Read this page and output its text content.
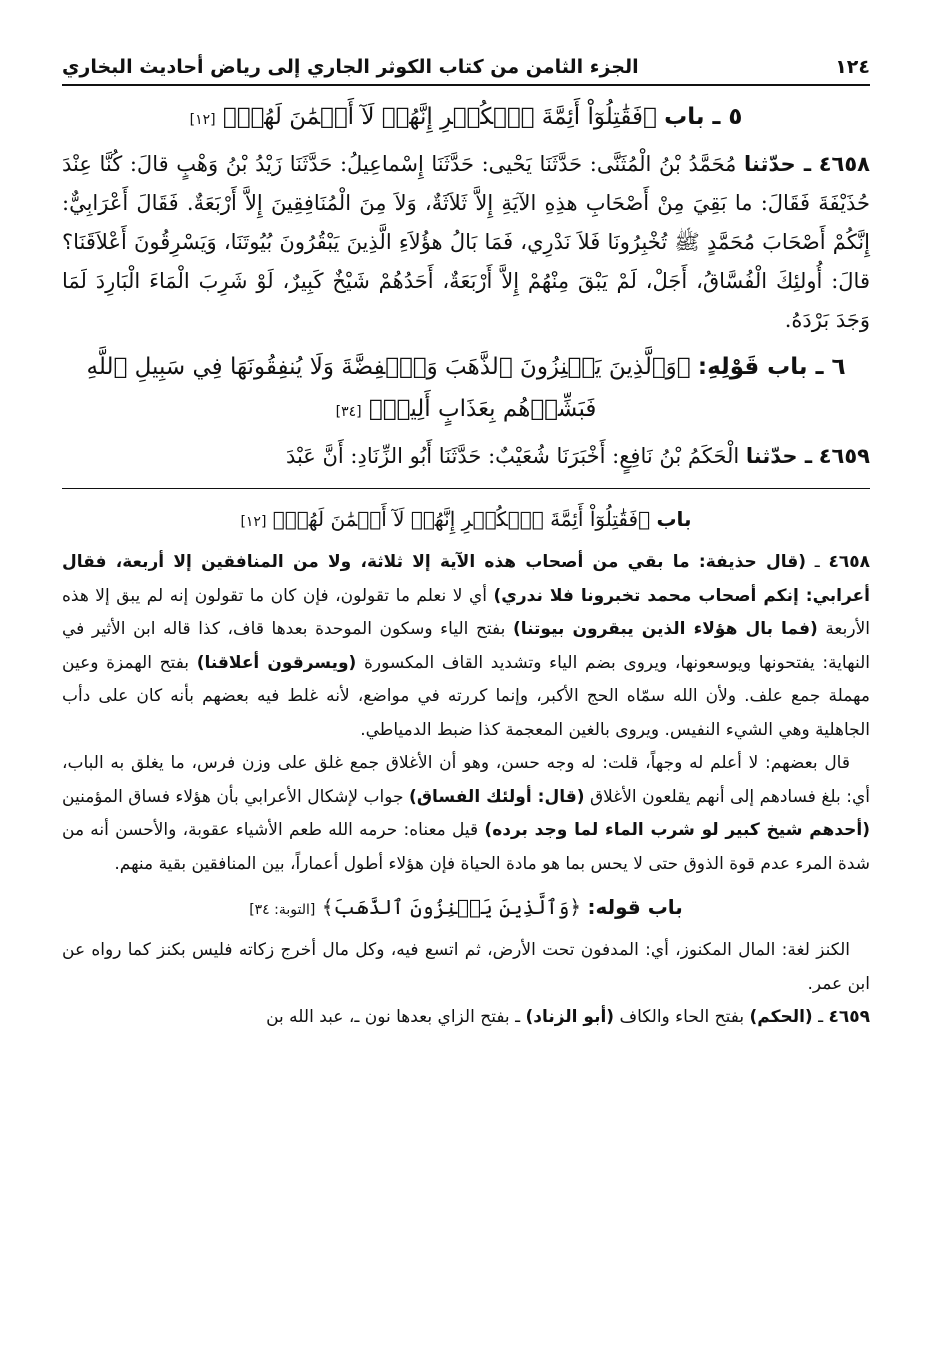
١٢٤
الجزء الثامن من كتاب الكوثر الجاري إلى رياض أحاديث البخاري
٥ ـ باب ﴿فَقَٰتِلُوٓاْ أَئِمَّةَ ٱلۡكُفۡرِ إِنَّهُمۡ لَآ أَيۡمَٰنَ لَهُمۡ﴾ [١٢]

٤٦٥٨ ـ حدّثنا مُحَمَّدُ بْنُ الْمُثَنَّى: حَدَّثَنَا يَحْيى: حَدَّثَنَا إِسْماعِيلُ: حَدَّثَنَا زَيْدُ بْنُ وَهْبٍ قالَ: كُنَّا عِنْدَ حُذَيْفَةَ فَقَالَ: ما بَقِيَ مِنْ أَصْحَابِ هذِهِ الآيَةِ إِلاَّ ثَلاَثَةٌ، وَلاَ مِنَ الْمُنَافِقِينَ إِلاَّ أَرْبَعَةٌ. فَقَالَ أَعْرَابِيٌّ: إِنَّكُمْ أَصْحَابَ مُحَمَّدٍ ﷺ تُخْبِرُونَا فَلاَ نَدْرِي، فَمَا بَالُ هؤُلاَءِ الَّذِينَ يَبْقُرُونَ بُيُوتَنَا، وَيَسْرِقُونَ أَعْلاَقَنَا؟ قالَ: أُولئِكَ الْفُسَّاقُ، أَجَلْ، لَمْ يَبْقَ مِنْهُمْ إِلاَّ أَرْبَعَةٌ، أَحَدُهُمْ شَيْخٌ كَبِيرٌ، لَوْ شَرِبَ الْمَاءَ الْبَارِدَ لَمَا وَجَدَ بَرْدَهُ.

٦ ـ باب قَوْلِهِ: ﴿وَٱلَّذِينَ يَكۡنِزُونَ ٱلذَّهَبَ وَٱلۡفِضَّةَ وَلَا يُنفِقُونَهَا فِي سَبِيلِ ٱللَّهِ فَبَشِّرۡهُم بِعَذَابٍ أَلِيمٖ﴾ [٣٤]

٤٦٥٩ ـ حدّثنا الْحَكَمُ بْنُ نَافِعٍ: أَخْبَرَنَا شُعَيْبٌ: حَدَّثَنَا أَبُو الزِّنَادِ: أَنَّ عَبْدَ

باب ﴿فَقَٰتِلُوٓاْ أَئِمَّةَ ٱلۡكُفۡرِ إِنَّهُمۡ لَآ أَيۡمَٰنَ لَهُمۡ﴾ [١٢]

٤٦٥٨ ـ (قال حذيفة: ما بقي من أصحاب هذه الآية إلا ثلاثة، ولا من المنافقين إلا أربعة، فقال أعرابي: إنكم أصحاب محمد تخبرونا فلا ندري) أي لا نعلم ما تقولون، فإن كان ما تقولون إنه لم يبق إلا هذه الأربعة (فما بال هؤلاء الذين يبقرون بيوتنا) بفتح الياء وسكون الموحدة بعدها قاف، كذا قاله ابن الأثير في النهاية: يفتحونها ويوسعونها، ويروى بضم الياء وتشديد القاف المكسورة (ويسرقون أعلاقنا) بفتح الهمزة وعين مهملة جمع علف. ولأن الله سمّاه الحج الأكبر، وإنما كررته في مواضع، لأنه غلط فيه بعضهم بأنه كان على دأب الجاهلية وهي الشيء النفيس. ويروى بالغين المعجمة كذا ضبط الدمياطي.

قال بعضهم: لا أعلم له وجهاً، قلت: له وجه حسن، وهو أن الأغلاق جمع غلق على وزن فرس، ما يغلق به الباب، أي: بلغ فسادهم إلى أنهم يقلعون الأغلاق (قال: أولئك الفساق) جواب لإشكال الأعرابي بأن هؤلاء فساق المؤمنين (أحدهم شيخ كبير لو شرب الماء لما وجد برده) قيل معناه: حرمه الله طعم الأشياء عقوبة، والأحسن أنه من شدة المرء عدم قوة الذوق حتى لا يحس بما هو مادة الحياة فإن هؤلاء أطول أعماراً، بين المنافقين بقية منهم.

باب قوله: ﴿وَٱلَّذِينَ يَكۡنِزُونَ ٱلذَّهَبَ﴾ [التوبة: ٣٤]

الكنز لغة: المال المكنوز، أي: المدفون تحت الأرض، ثم اتسع فيه، وكل مال أخرج زكاته فليس بكنز كما رواه عن ابن عمر.

٤٦٥٩ ـ (الحكم) بفتح الحاء والكاف (أبو الزناد) ـ بفتح الزاي بعدها نون ـ، عبد الله بن
